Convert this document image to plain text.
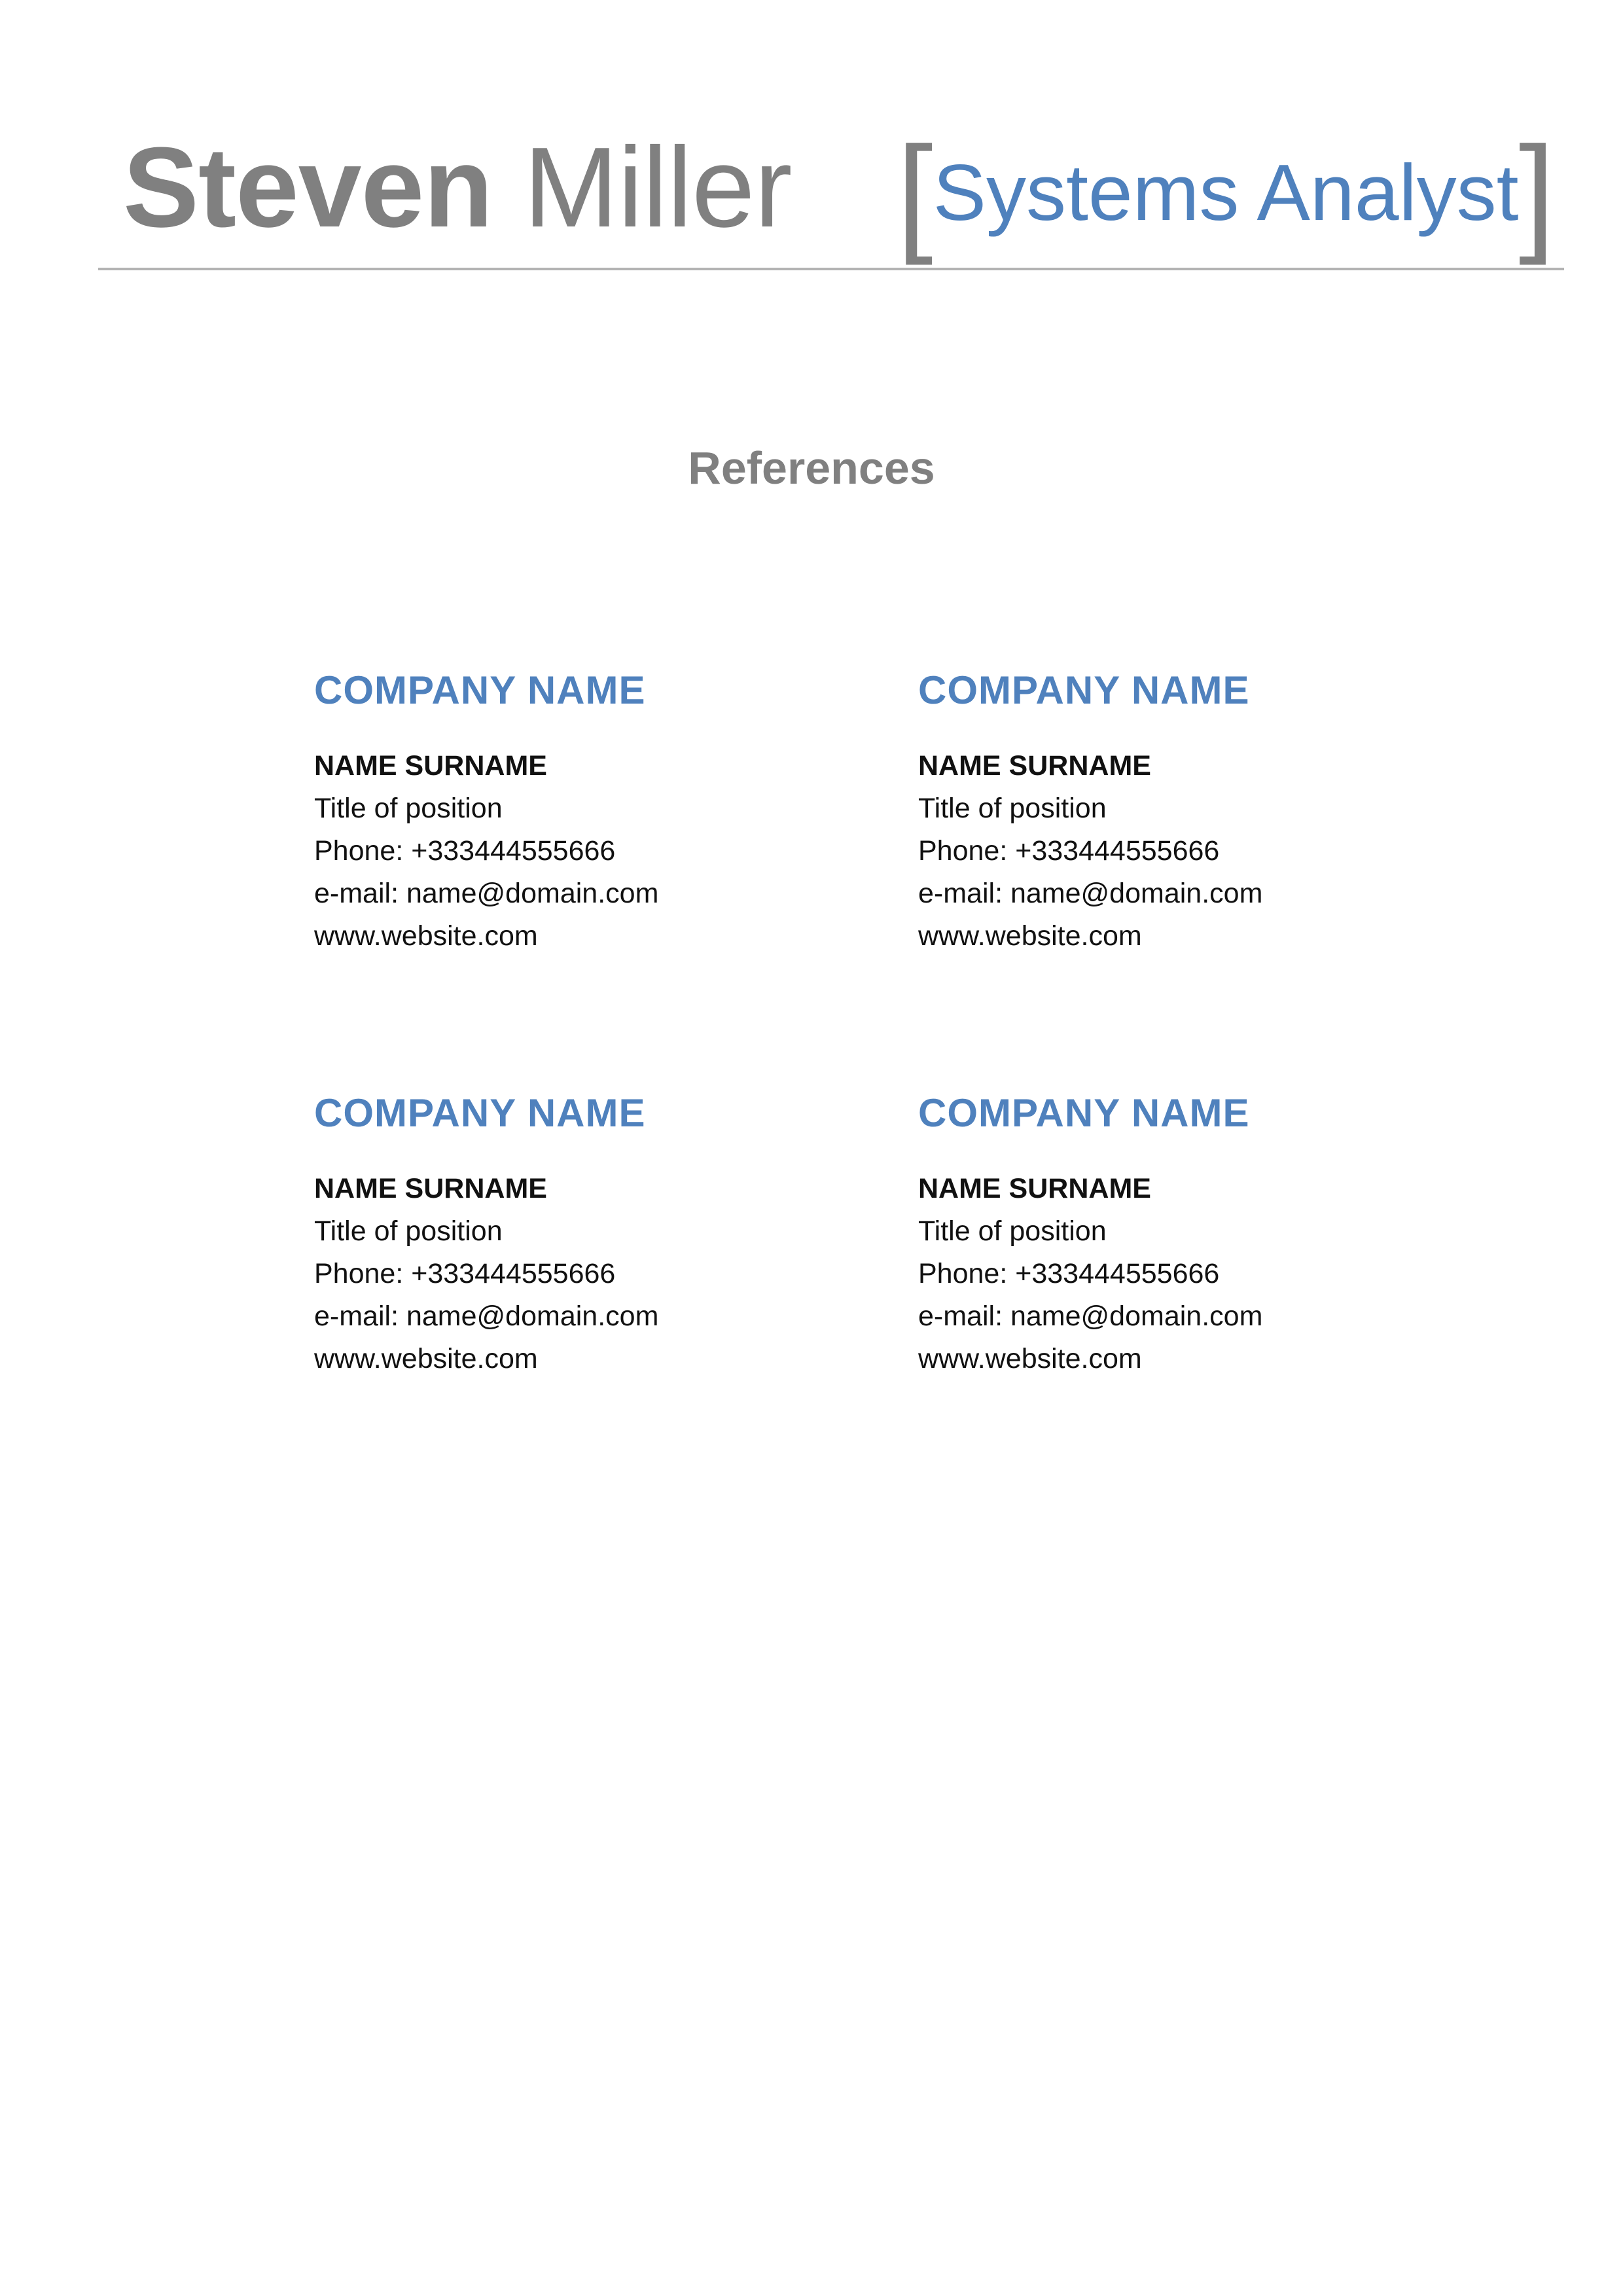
Steven Miller [Systems Analyst]
References
COMPANY NAME
NAME SURNAME
Title of position
Phone: +333444555666
e-mail: name@domain.com
www.website.com
COMPANY NAME
NAME SURNAME
Title of position
Phone: +333444555666
e-mail: name@domain.com
www.website.com
COMPANY NAME
NAME SURNAME
Title of position
Phone: +333444555666
e-mail: name@domain.com
www.website.com
COMPANY NAME
NAME SURNAME
Title of position
Phone: +333444555666
e-mail: name@domain.com
www.website.com
